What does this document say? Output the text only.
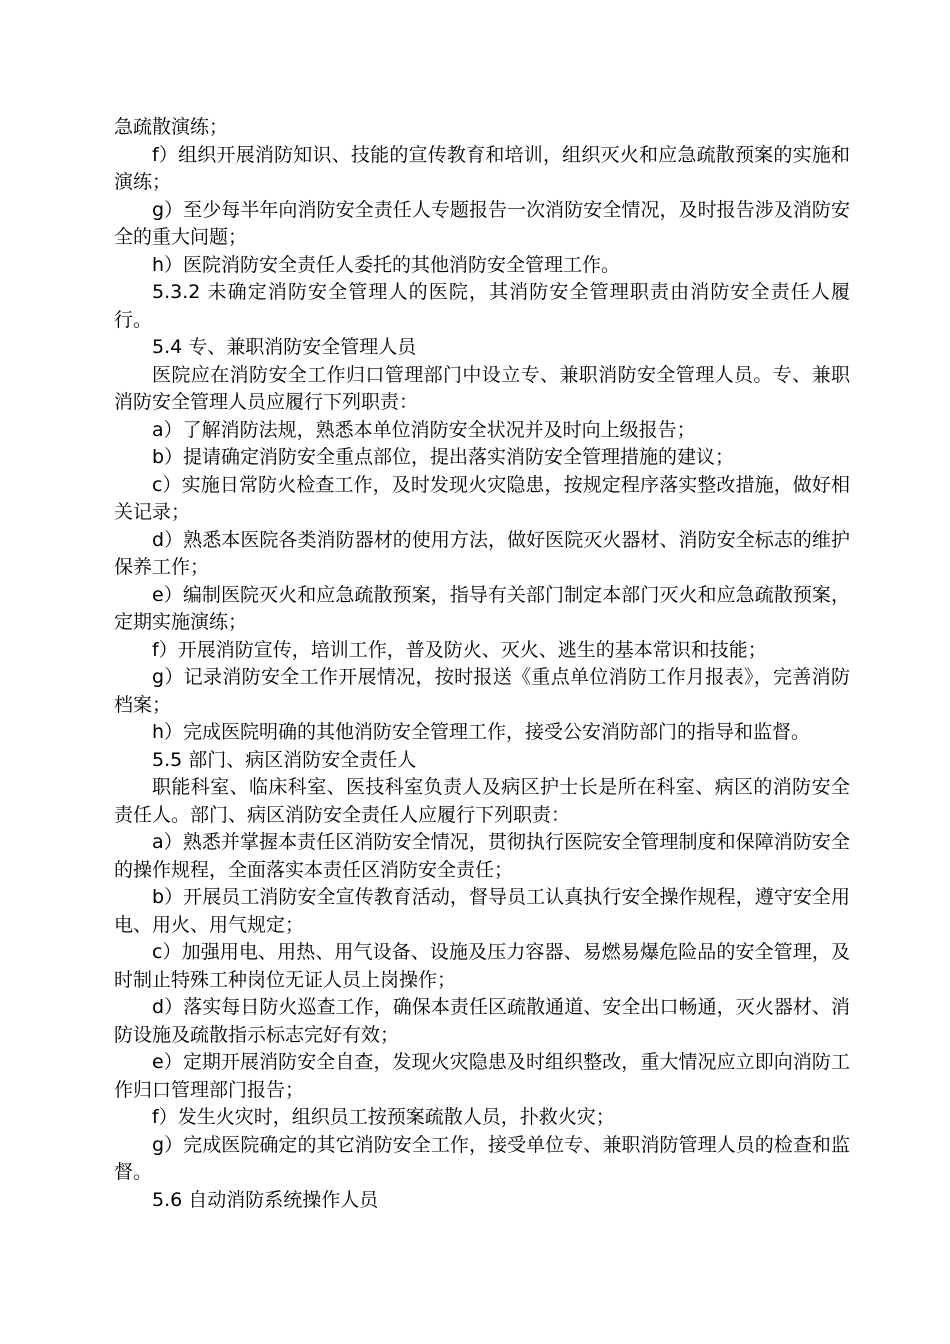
急疏散演练；

f）组织开展消防知识、技能的宣传教育和培训，组织灭火和应急疏散预案的实施和演练；

g）至少每半年向消防安全责任人专题报告一次消防安全情况，及时报告涉及消防安全的重大问题；

h）医院消防安全责任人委托的其他消防安全管理工作。

5.3.2 未确定消防安全管理人的医院，其消防安全管理职责由消防安全责任人履行。

5.4 专、兼职消防安全管理人员

医院应在消防安全工作归口管理部门中设立专、兼职消防安全管理人员。专、兼职消防安全管理人员应履行下列职责：

a）了解消防法规，熟悉本单位消防安全状况并及时向上级报告；

b）提请确定消防安全重点部位，提出落实消防安全管理措施的建议；

c）实施日常防火检查工作，及时发现火灾隐患，按规定程序落实整改措施，做好相关记录；

d）熟悉本医院各类消防器材的使用方法，做好医院灭火器材、消防安全标志的维护保养工作；

e）编制医院灭火和应急疏散预案，指导有关部门制定本部门灭火和应急疏散预案，定期实施演练；

f）开展消防宣传，培训工作，普及防火、灭火、逃生的基本常识和技能；

g）记录消防安全工作开展情况，按时报送《重点单位消防工作月报表》，完善消防档案；

h）完成医院明确的其他消防安全管理工作，接受公安消防部门的指导和监督。

5.5 部门、病区消防安全责任人

职能科室、临床科室、医技科室负责人及病区护士长是所在科室、病区的消防安全责任人。部门、病区消防安全责任人应履行下列职责：

a）熟悉并掌握本责任区消防安全情况，贯彻执行医院安全管理制度和保障消防安全的操作规程，全面落实本责任区消防安全责任；

b）开展员工消防安全宣传教育活动，督导员工认真执行安全操作规程，遵守安全用电、用火、用气规定；

c）加强用电、用热、用气设备、设施及压力容器、易燃易爆危险品的安全管理，及时制止特殊工种岗位无证人员上岗操作；

d）落实每日防火巡查工作，确保本责任区疏散通道、安全出口畅通，灭火器材、消防设施及疏散指示标志完好有效；

e）定期开展消防安全自查，发现火灾隐患及时组织整改，重大情况应立即向消防工作归口管理部门报告；

f）发生火灾时，组织员工按预案疏散人员，扑救火灾；

g）完成医院确定的其它消防安全工作，接受单位专、兼职消防管理人员的检查和监督。

5.6 自动消防系统操作人员
